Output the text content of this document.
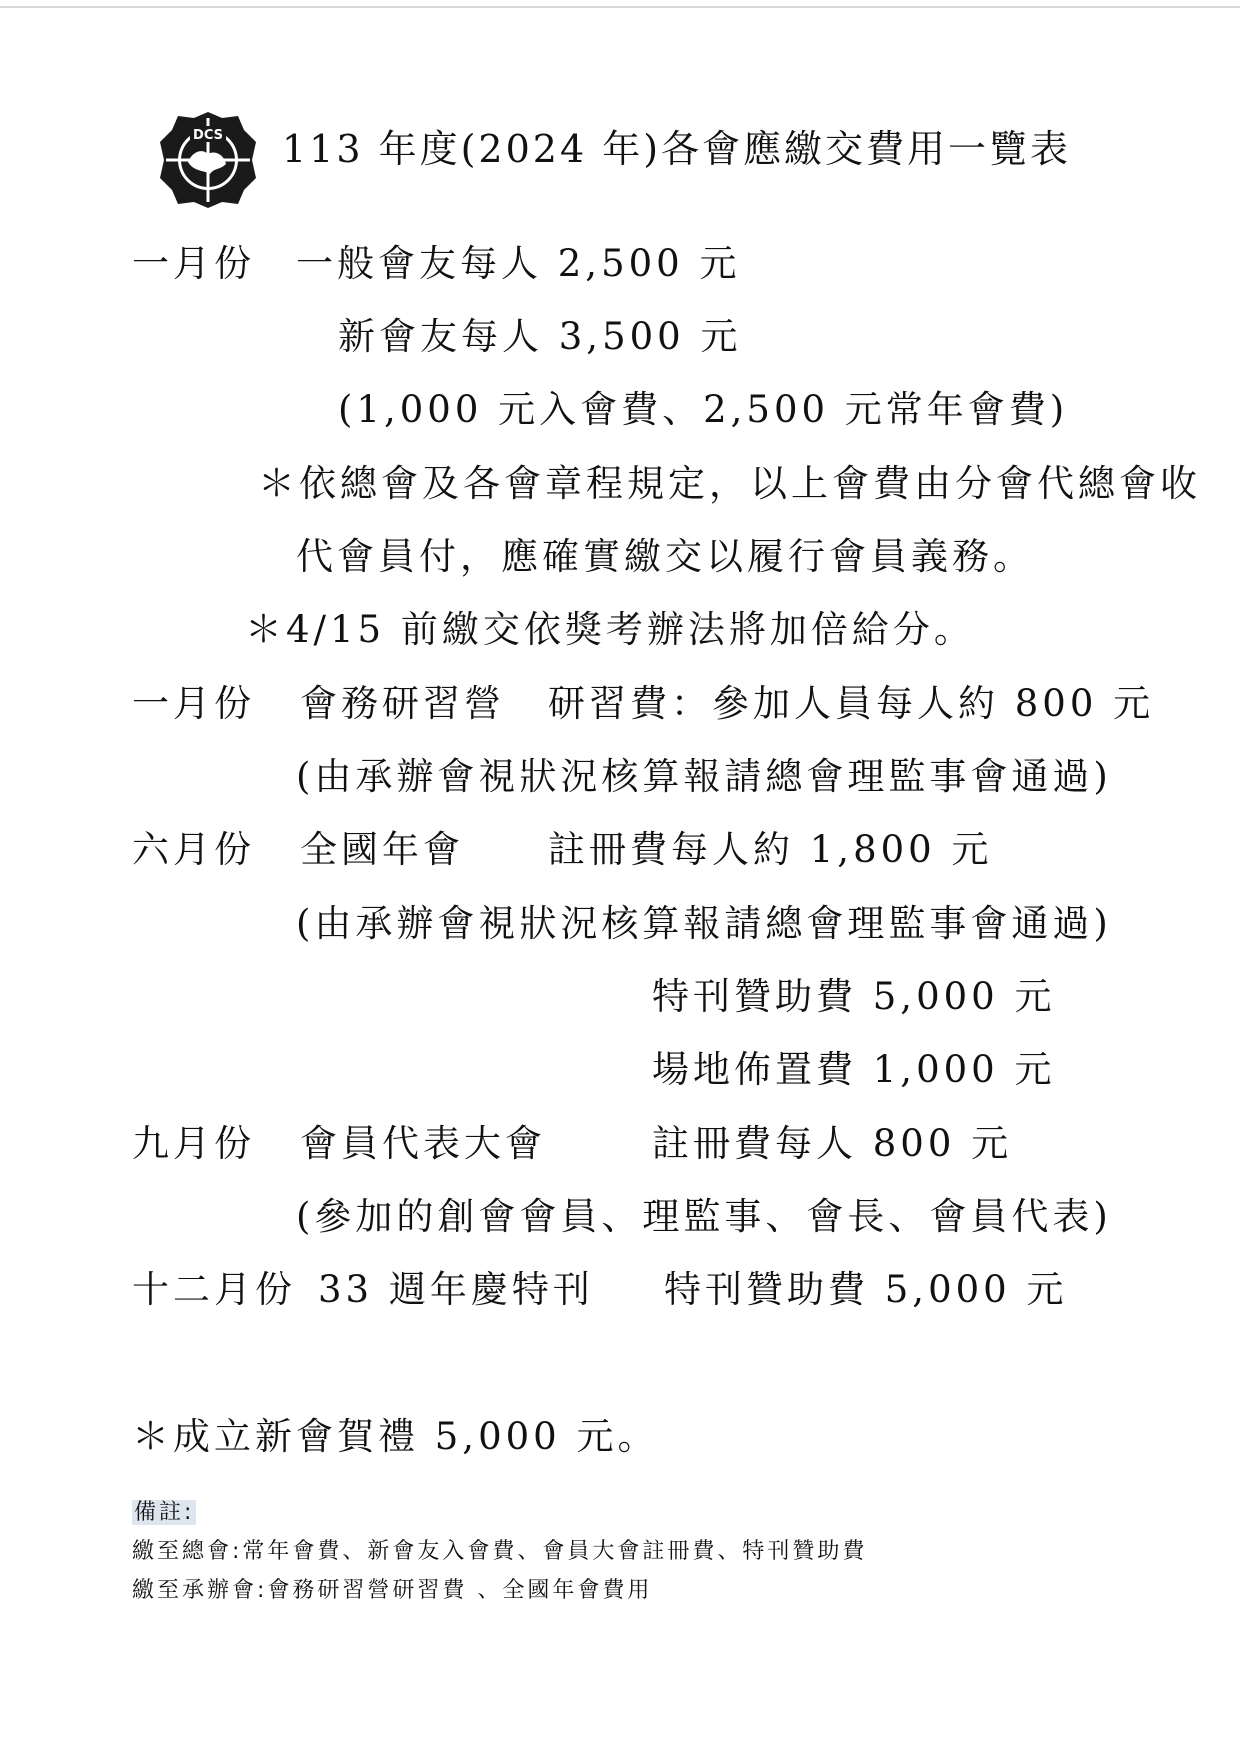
DCS 113 年度(2024 年)各會應繳交費用一覽表
一月份 一般會友每人 2,500 元
新會友每人 3,500 元
(1,000 元入會費、2,500 元常年會費)
＊依總會及各會章程規定，以上會費由分會代總會收
代會員付，應確實繳交以履行會員義務。
＊4/15 前繳交依獎考辦法將加倍給分。
一月份 會務研習營 研習費：參加人員每人約 800 元
(由承辦會視狀況核算報請總會理監事會通過)
六月份 全國年會 註冊費每人約 1,800 元
(由承辦會視狀況核算報請總會理監事會通過)
特刊贊助費 5,000 元
場地佈置費 1,000 元
九月份 會員代表大會	註冊費每人 800 元
(參加的創會會員、理監事、會長、會員代表)
十二月份 33 週年慶特刊 特刊贊助費 5,000 元
＊成立新會賀禮 5,000 元。
備註:
繳至總會:常年會費、新會友入會費、會員大會註冊費、特刊贊助費
繳至承辦會:會務研習營研習費 、全國年會費用
